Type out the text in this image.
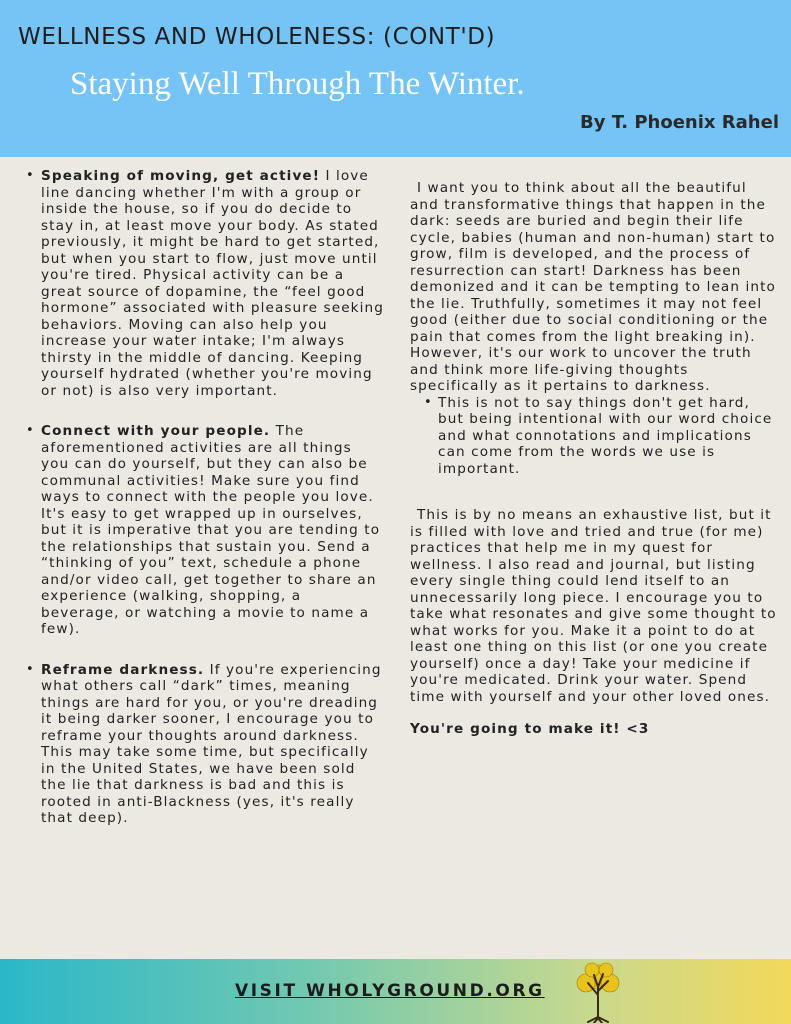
WELLNESS AND WHOLENESS: (CONT'D)
Staying Well Through The Winter.
By T. Phoenix Rahel
• Speaking of moving, get active! I love line dancing whether I'm with a group or inside the house, so if you do decide to stay in, at least move your body. As stated previously, it might be hard to get started, but when you start to flow, just move until you're tired. Physical activity can be a great source of dopamine, the “feel good hormone” associated with pleasure seeking behaviors. Moving can also help you increase your water intake; I'm always thirsty in the middle of dancing. Keeping yourself hydrated (whether you're moving or not) is also very important.
• Connect with your people. The aforementioned activities are all things you can do yourself, but they can also be communal activities! Make sure you find ways to connect with the people you love. It's easy to get wrapped up in ourselves, but it is imperative that you are tending to the relationships that sustain you. Send a “thinking of you” text, schedule a phone and/or video call, get together to share an experience (walking, shopping, a beverage, or watching a movie to name a few).
• Reframe darkness. If you're experiencing what others call “dark” times, meaning things are hard for you, or you're dreading it being darker sooner, I encourage you to reframe your thoughts around darkness. This may take some time, but specifically in the United States, we have been sold the lie that darkness is bad and this is rooted in anti-Blackness (yes, it's really that deep).

I want you to think about all the beautiful and transformative things that happen in the dark: seeds are buried and begin their life cycle, babies (human and non-human) start to grow, film is developed, and the process of resurrection can start! Darkness has been demonized and it can be tempting to lean into the lie. Truthfully, sometimes it may not feel good (either due to social conditioning or the pain that comes from the light breaking in). However, it's our work to uncover the truth and think more life-giving thoughts specifically as it pertains to darkness.

• This is not to say things don't get hard, but being intentional with our word choice and what connotations and implications can come from the words we use is important.

This is by no means an exhaustive list, but it is filled with love and tried and true (for me) practices that help me in my quest for wellness. I also read and journal, but listing every single thing could lend itself to an unnecessarily long piece. I encourage you to take what resonates and give some thought to what works for you. Make it a point to do at least one thing on this list (or one you create yourself) once a day! Take your medicine if you're medicated. Drink your water. Spend time with yourself and your other loved ones.

You're going to make it! <3

VISIT WHOLYGROUND.ORG
